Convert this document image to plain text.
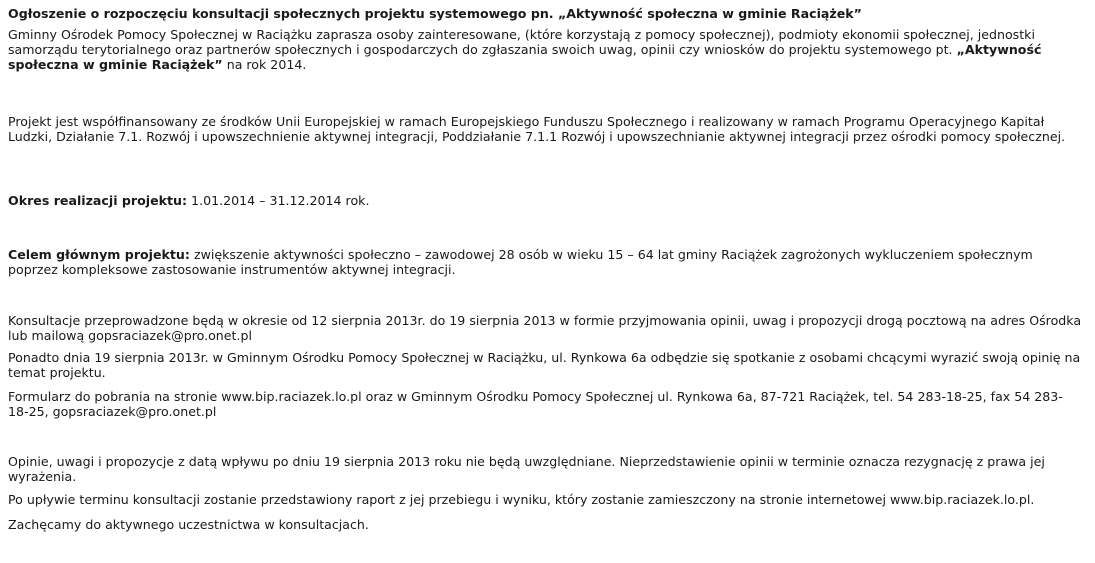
Ogłoszenie o rozpoczęciu konsultacji społecznych projektu systemowego pn. „Aktywność społeczna w gminie Raciążek”

Gminny Ośrodek Pomocy Społecznej w Raciążku zaprasza osoby zainteresowane, (które korzystają z pomocy społecznej), podmioty ekonomii społecznej, jednostki samorządu terytorialnego oraz partnerów społecznych i gospodarczych do zgłaszania swoich uwag, opinii czy wniosków do projektu systemowego pt. „Aktywność społeczna w gminie Raciążek” na rok 2014.

Projekt jest współfinansowany ze środków Unii Europejskiej w ramach Europejskiego Funduszu Społecznego i realizowany w ramach Programu Operacyjnego Kapitał Ludzki, Działanie 7.1. Rozwój i upowszechnienie aktywnej integracji, Poddziałanie 7.1.1 Rozwój i upowszechnianie aktywnej integracji przez ośrodki pomocy społecznej.

Okres realizacji projektu: 1.01.2014 – 31.12.2014 rok.

Celem głównym projektu: zwiększenie aktywności społeczno – zawodowej 28 osób w wieku 15 – 64 lat gminy Raciążek zagrożonych wykluczeniem społecznym poprzez kompleksowe zastosowanie instrumentów aktywnej integracji.

Konsultacje przeprowadzone będą w okresie od 12 sierpnia 2013r. do 19 sierpnia 2013 w formie przyjmowania opinii, uwag i propozycji drogą pocztową na adres Ośrodka lub mailową gopsraciazek@pro.onet.pl

Ponadto dnia 19 sierpnia 2013r. w Gminnym Ośrodku Pomocy Społecznej w Raciążku, ul. Rynkowa 6a odbędzie się spotkanie z osobami chcącymi wyrazić swoją opinię na temat projektu.

Formularz do pobrania na stronie www.bip.raciazek.lo.pl oraz w Gminnym Ośrodku Pomocy Społecznej ul. Rynkowa 6a, 87-721 Raciążek, tel. 54 283-18-25, fax 54 283-18-25, gopsraciazek@pro.onet.pl

Opinie, uwagi i propozycje z datą wpływu po dniu 19 sierpnia 2013 roku nie będą uwzględniane. Nieprzedstawienie opinii w terminie oznacza rezygnację z prawa jej wyrażenia.

Po upływie terminu konsultacji zostanie przedstawiony raport z jej przebiegu i wyniku, który zostanie zamieszczony na stronie internetowej www.bip.raciazek.lo.pl.

Zachęcamy do aktywnego uczestnictwa w konsultacjach.
